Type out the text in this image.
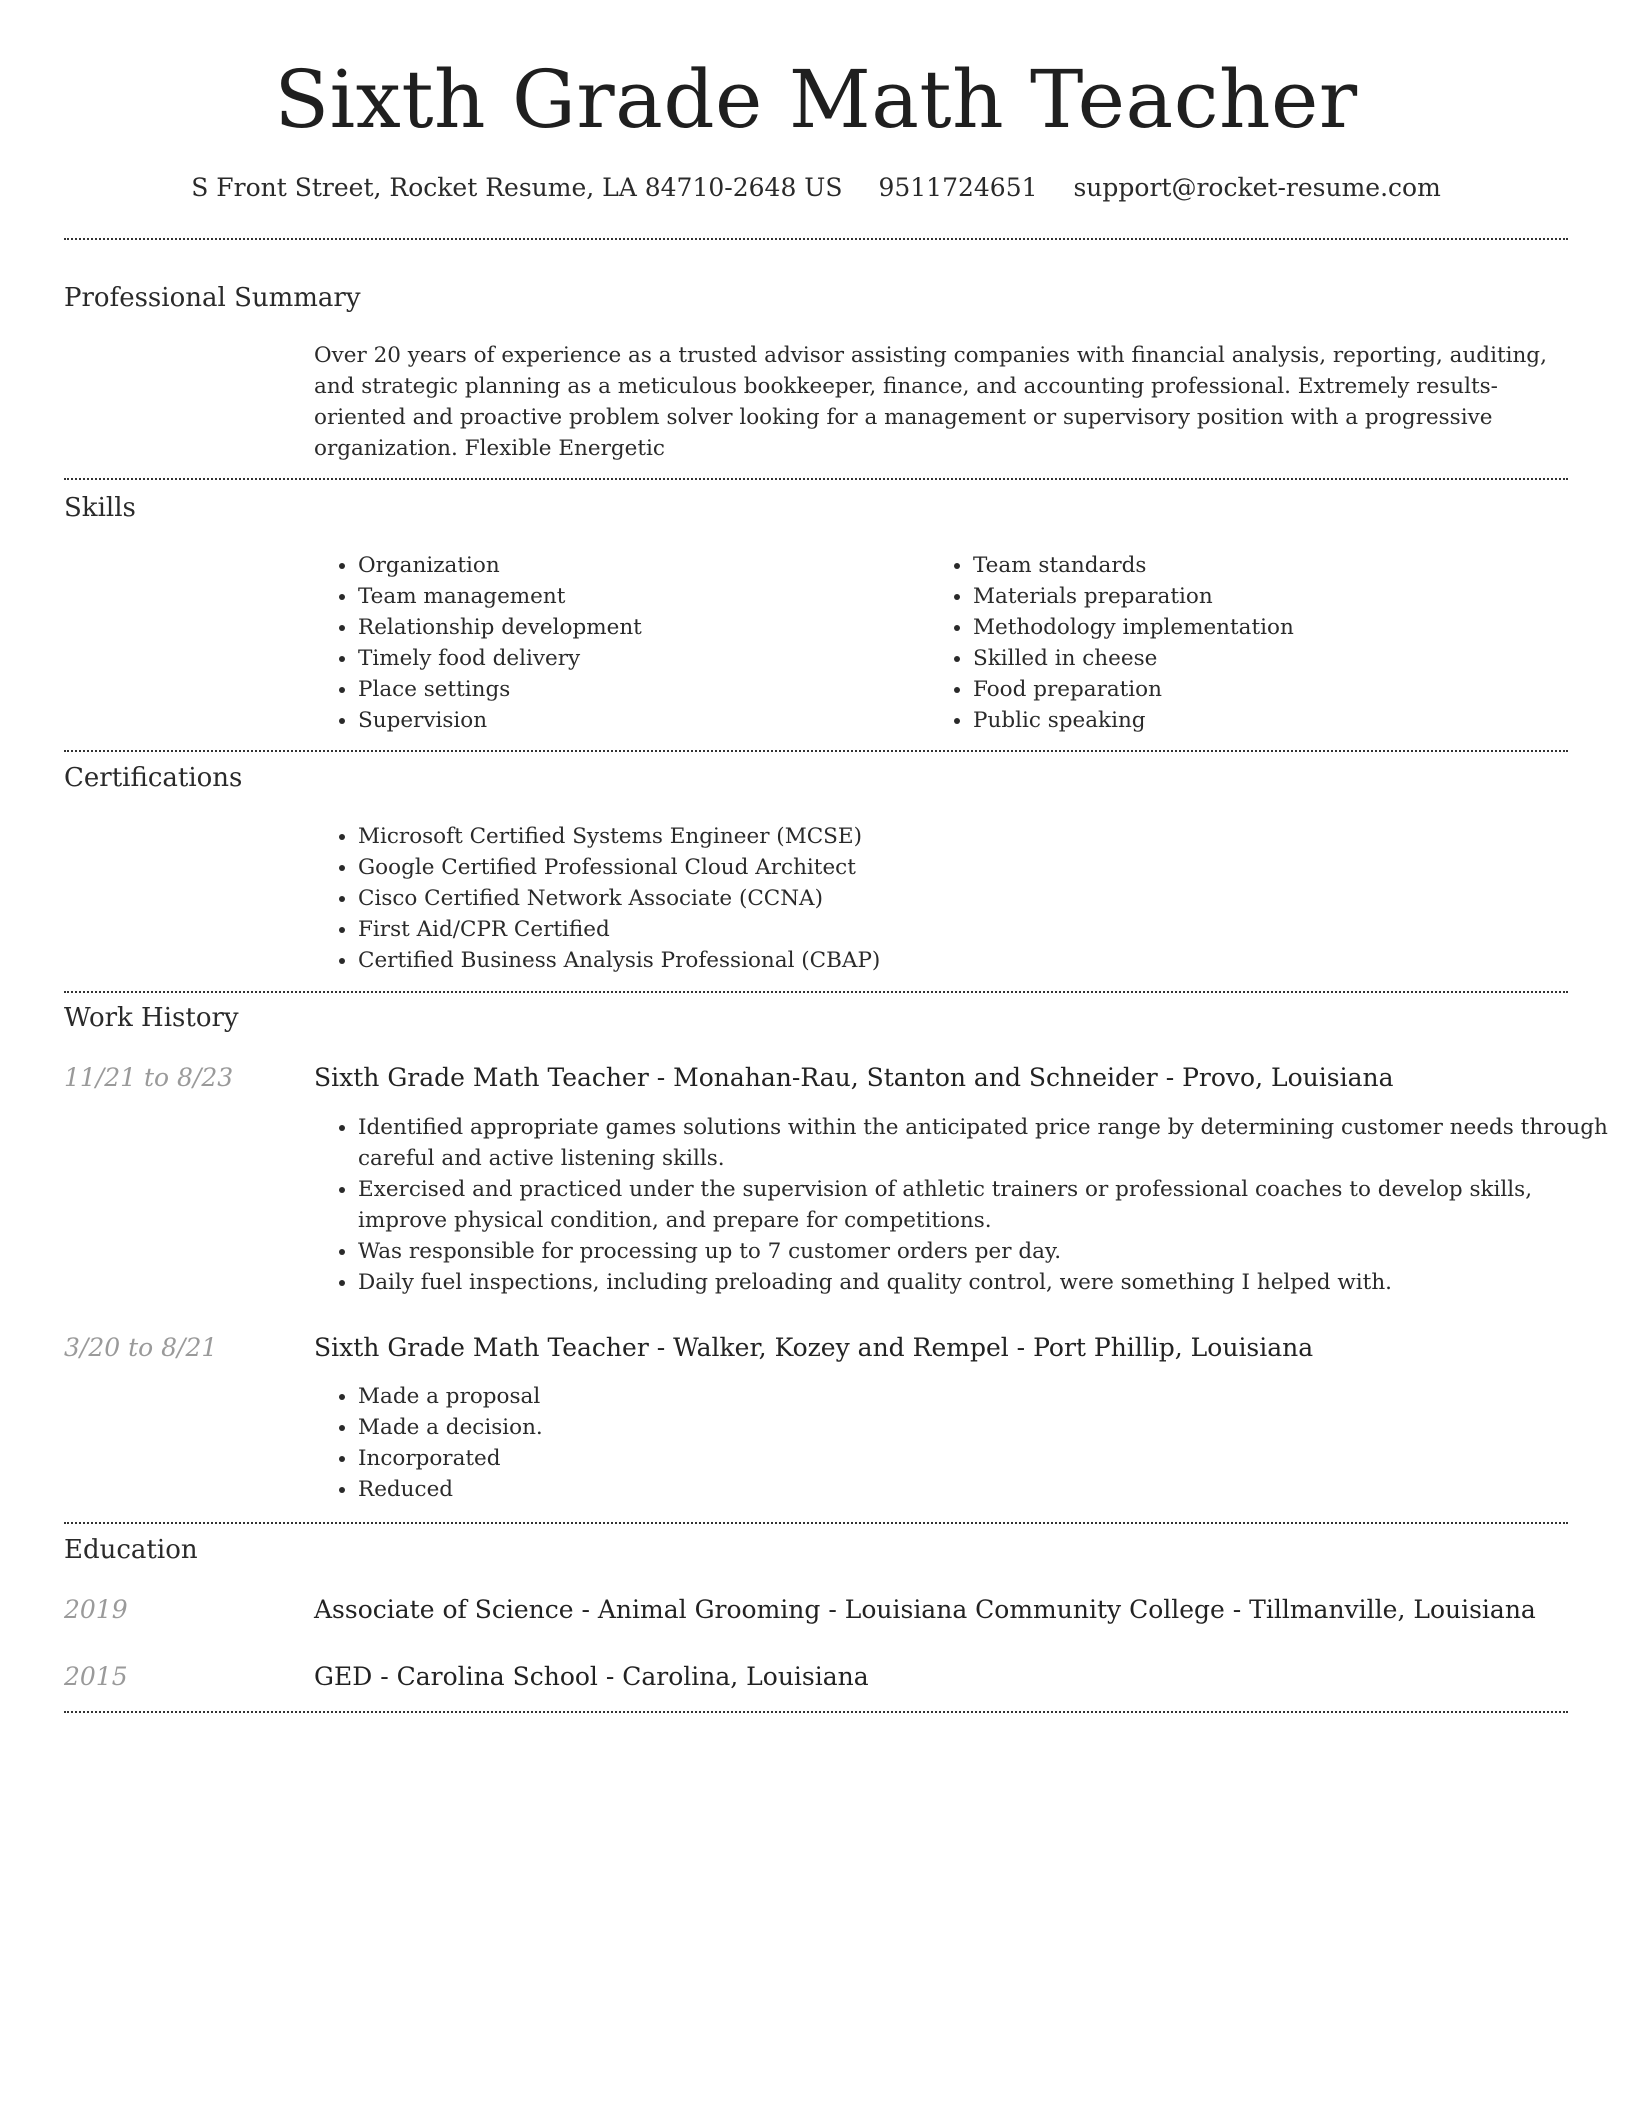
Sixth Grade Math Teacher
S Front Street, Rocket Resume, LA 84710-2648 US 9511724651 support@rocket-resume.com
Professional Summary

Over 20 years of experience as a trusted advisor assisting companies with financial analysis, reporting, auditing, and strategic planning as a meticulous bookkeeper, finance, and accounting professional. Extremely results-oriented and proactive problem solver looking for a management or supervisory position with a progressive organization. Flexible Energetic

Skills
• Organization
• Team management
• Relationship development
• Timely food delivery
• Place settings
• Supervision
• Team standards
• Materials preparation
• Methodology implementation
• Skilled in cheese
• Food preparation
• Public speaking
Certifications
• Microsoft Certified Systems Engineer (MCSE)
• Google Certified Professional Cloud Architect
• Cisco Certified Network Associate (CCNA)
• First Aid/CPR Certified
• Certified Business Analysis Professional (CBAP)
Work History
11/21 to 8/23	Sixth Grade Math Teacher - Monahan-Rau, Stanton and Schneider - Provo, Louisiana
• Identified appropriate games solutions within the anticipated price range by determining customer needs through careful and active listening skills.
• Exercised and practiced under the supervision of athletic trainers or professional coaches to develop skills, improve physical condition, and prepare for competitions.
• Was responsible for processing up to 7 customer orders per day.
• Daily fuel inspections, including preloading and quality control, were something I helped with.
3/20 to 8/21	Sixth Grade Math Teacher - Walker, Kozey and Rempel - Port Phillip, Louisiana
• Made a proposal
• Made a decision.
• Incorporated
• Reduced
Education
2019	Associate of Science - Animal Grooming - Louisiana Community College - Tillmanville, Louisiana
2015	GED - Carolina School - Carolina, Louisiana
